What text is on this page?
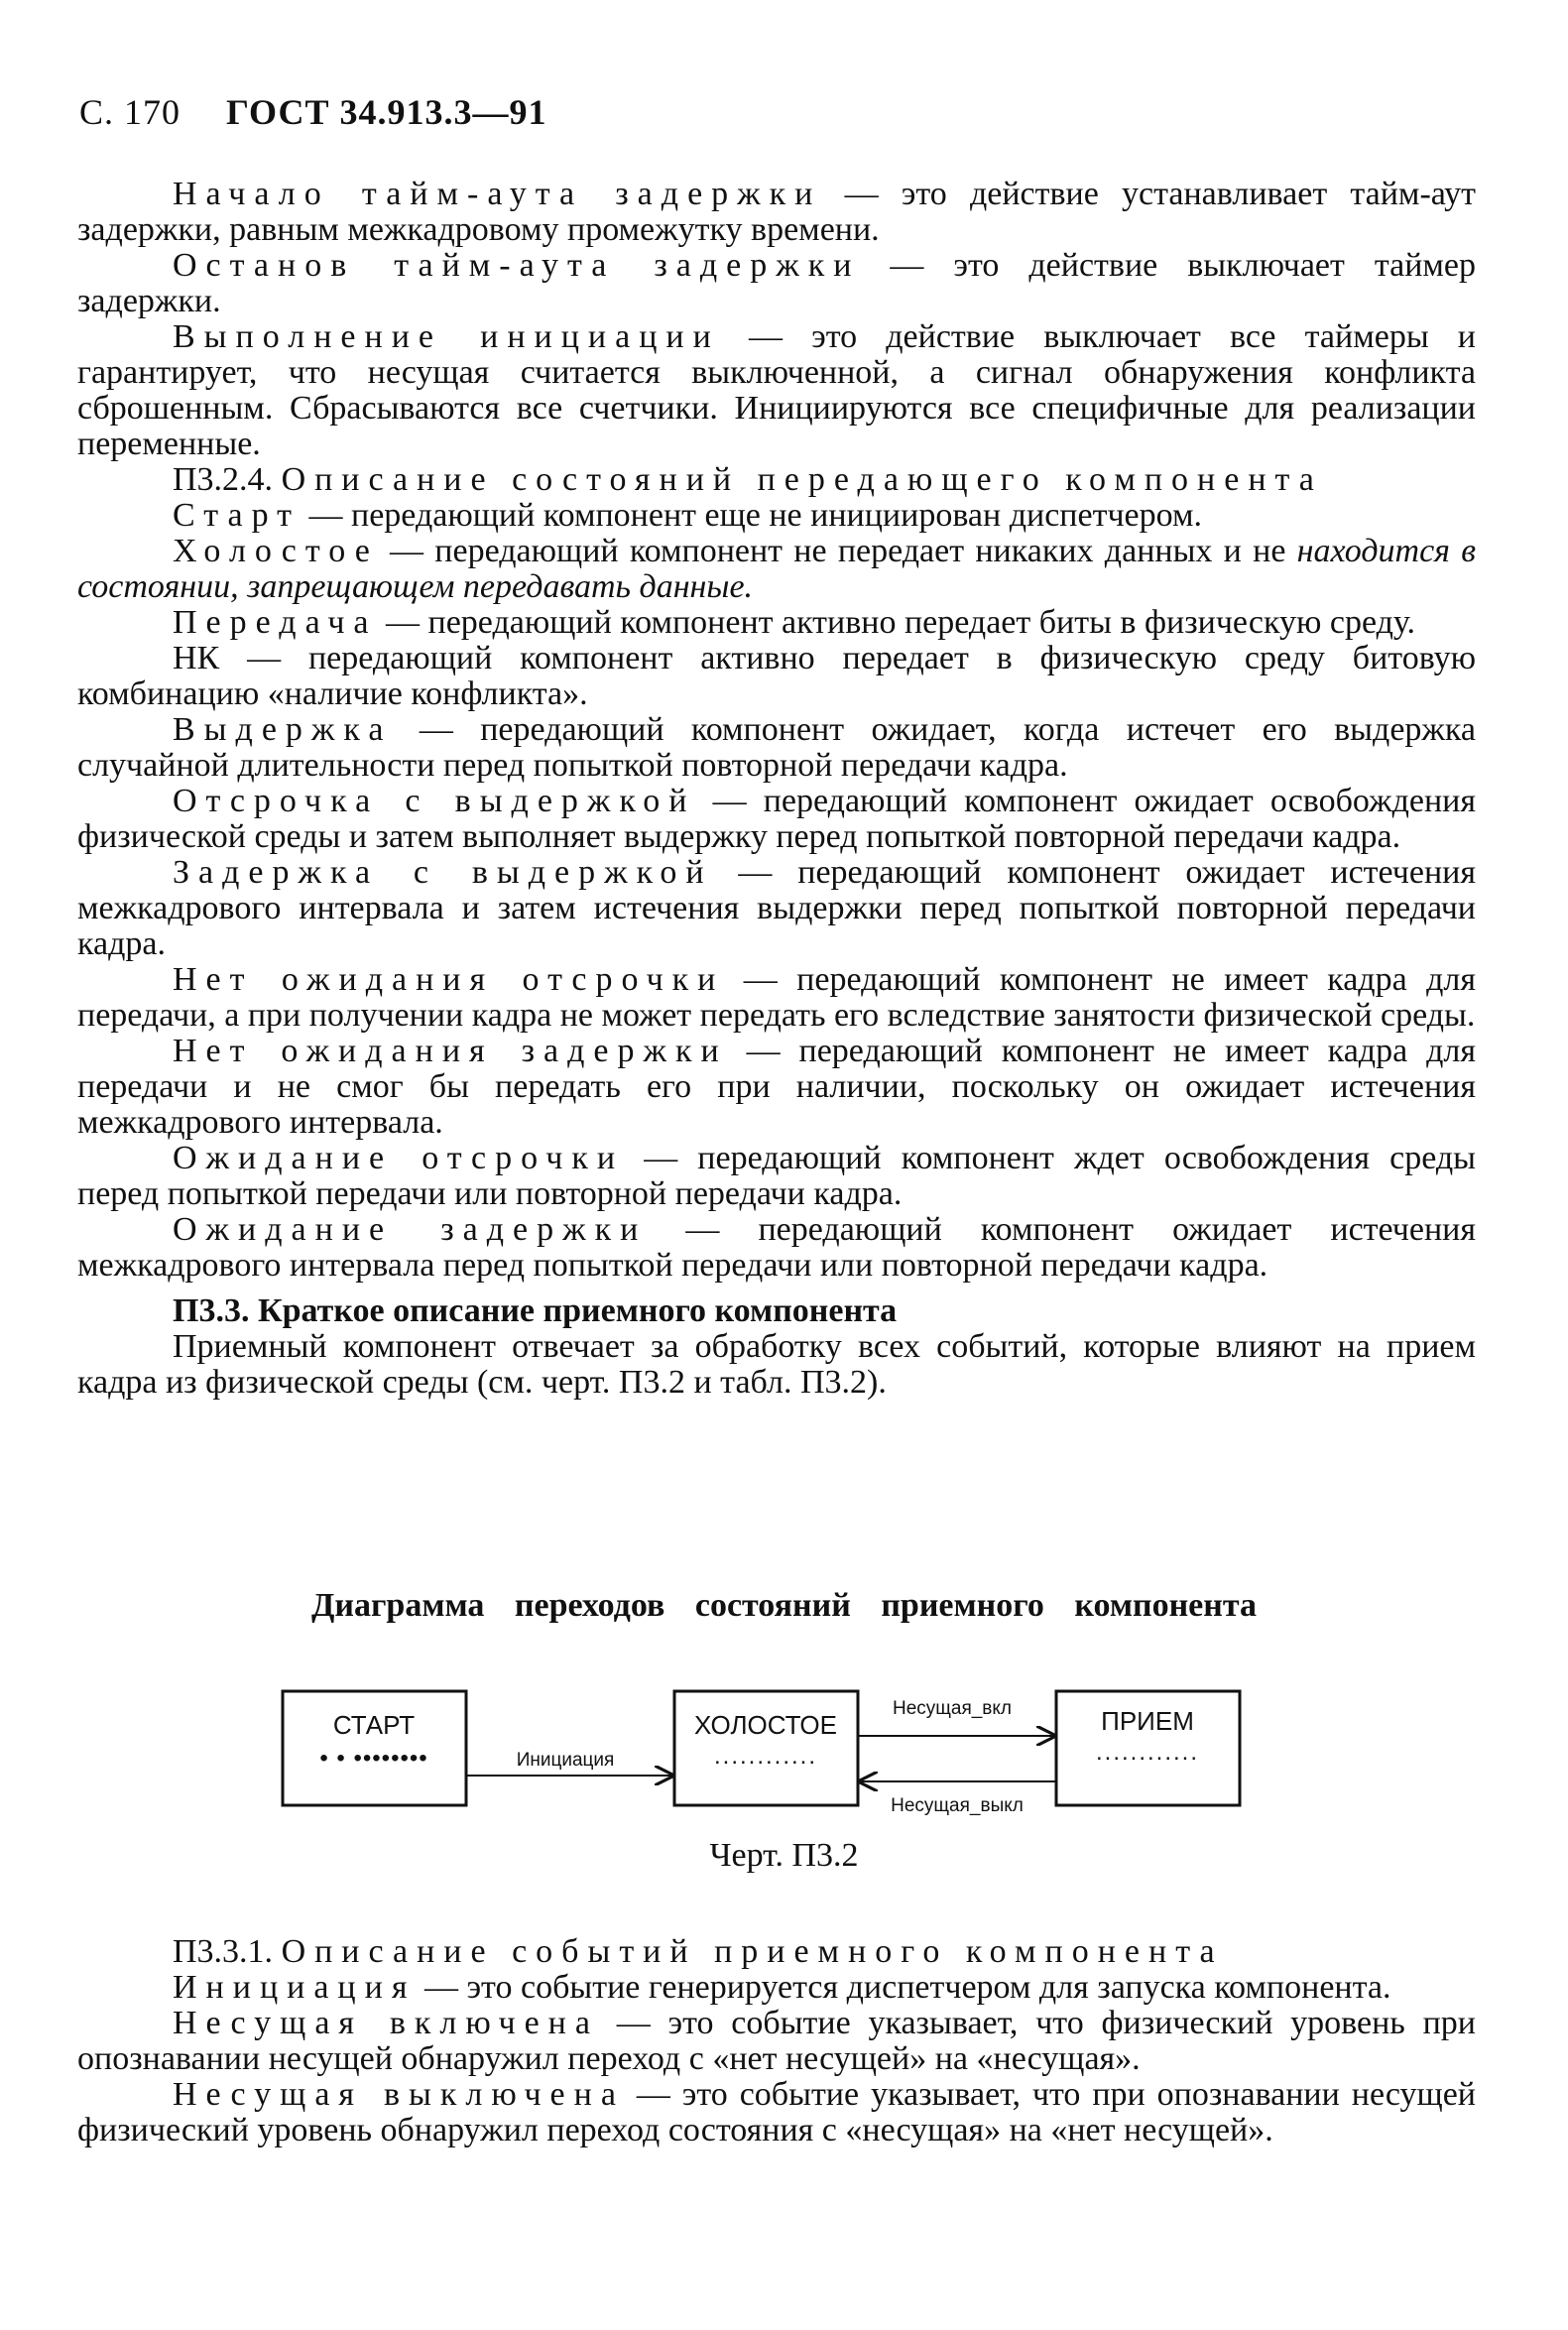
С. 170 ГОСТ 34.913.3—91

Начало тайм-аута задержки — это действие устанавливает тайм-аут задержки, равным межкадровому промежутку времени.

Останов тайм-аута задержки — это действие выключает таймер задержки.

Выполнение инициации — это действие выключает все таймеры и гарантирует, что несущая считается выключенной, а сигнал обнаружения конфликта сброшенным. Сбрасываются все счетчики. Инициируются все специфичные для реализации переменные.

П3.2.4. Описание состояний передающего компонента

Старт — передающий компонент еще не инициирован диспетчером.

Холостое — передающий компонент не передает никаких данных и не находится в состоянии, запрещающем передавать данные.

Передача — передающий компонент активно передает биты в физическую среду.

НК — передающий компонент активно передает в физическую среду битовую комбинацию «наличие конфликта».

Выдержка — передающий компонент ожидает, когда истечет его выдержка случайной длительности перед попыткой повторной передачи кадра.

Отсрочка с выдержкой — передающий компонент ожидает освобождения физической среды и затем выполняет выдержку перед попыткой повторной передачи кадра.

Задержка с выдержкой — передающий компонент ожидает истечения межкадрового интервала и затем истечения выдержки перед попыткой повторной передачи кадра.

Нет ожидания отсрочки — передающий компонент не имеет кадра для передачи, а при получении кадра не может передать его вследствие занятости физической среды.

Нет ожидания задержки — передающий компонент не имеет кадра для передачи и не смог бы передать его при наличии, поскольку он ожидает истечения межкадрового интервала.

Ожидание отсрочки — передающий компонент ждет освобождения среды перед попыткой передачи или повторной передачи кадра.

Ожидание задержки — передающий компонент ожидает истечения межкадрового интервала перед попыткой передачи или повторной передачи кадра.

П3.3. Краткое описание приемного компонента

Приемный компонент отвечает за обработку всех событий, которые влияют на прием кадра из физической среды (см. черт. П3.2 и табл. П3.2).

Диаграмма переходов состояний приемного компонента
СТАРТ
• • ••••••••
ХОЛОСТОЕ
............
ПРИЕМ
............
Инициация
Несущая_вкл
Несущая_выкл
Черт. П3.2

П3.3.1. Описание событий приемного компонента

Инициация — это событие генерируется диспетчером для запуска компонента.

Несущая включена — это событие указывает, что физический уровень при опознавании несущей обнаружил переход с «нет несущей» на «несущая».

Несущая выключена — это событие указывает, что при опознавании несущей физический уровень обнаружил переход состояния с «несущая» на «нет несущей».
